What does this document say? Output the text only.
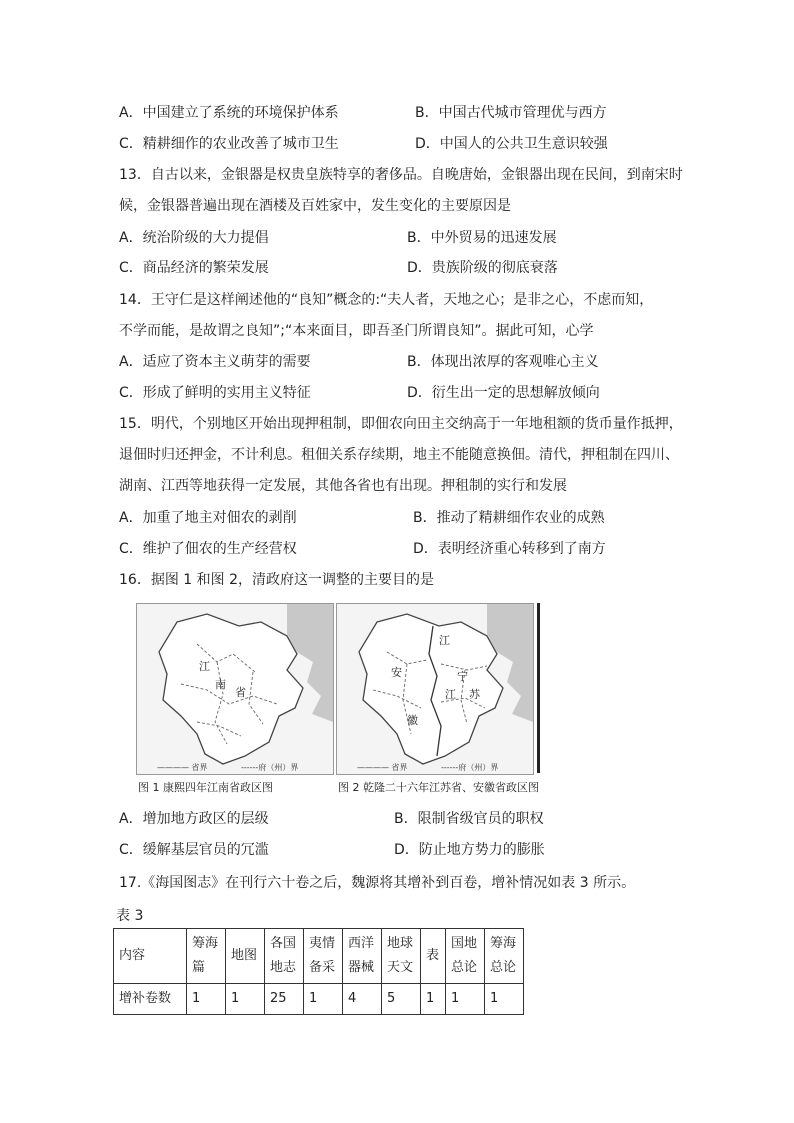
A．中国建立了系统的环境保护体系	B．中国古代城市管理优与西方
C．精耕细作的农业改善了城市卫生	D．中国人的公共卫生意识较强
13．自古以来，金银器是权贵皇族特享的奢侈品。自晚唐始，金银器出现在民间，到南宋时
候，金银器普遍出现在酒楼及百姓家中，发生变化的主要原因是
A．统治阶级的大力提倡	B．中外贸易的迅速发展
C．商品经济的繁荣发展	D．贵族阶级的彻底衰落
14．王守仁是这样阐述他的“良知”概念的:“夫人者，天地之心；是非之心，不虑而知，
不学而能，是故谓之良知”;“本来面目，即吾圣门所谓良知”。据此可知，心学
A．适应了资本主义萌芽的需要	B．体现出浓厚的客观唯心主义
C．形成了鲜明的实用主义特征	D．衍生出一定的思想解放倾向
15．明代，个别地区开始出现押租制，即佃农向田主交纳高于一年地租额的货币量作抵押，
退佃时归还押金，不计利息。租佃关系存续期，地主不能随意换佃。清代，押租制在四川、
湖南、江西等地获得一定发展，其他各省也有出现。押租制的实行和发展
A．加重了地主对佃农的剥削	B．推动了精耕细作农业的成熟
C．维护了佃农的生产经营权	D．表明经济重心转移到了南方
16．据图 1 和图 2，清政府这一调整的主要目的是
江
南
省
———— 省界	------府（州）界
江
安	宁
江 苏
徽
———— 省界	------府（州）界
图 1 康熙四年江南省政区图	图 2 乾隆二十六年江苏省、安徽省政区图
A．增加地方政区的层级	B．限制省级官员的职权
C．缓解基层官员的冗滥	D．防止地方势力的膨胀
17.《海国图志》在刊行六十卷之后，魏源将其增补到百卷，增补情况如表 3 所示。
表 3
内容	筹海篇	地图	各国地志	夷情备采	西洋器械	地球天文	表	国地总论	筹海总论
增补卷数	1	1	25	1	4	5	1	1	1
